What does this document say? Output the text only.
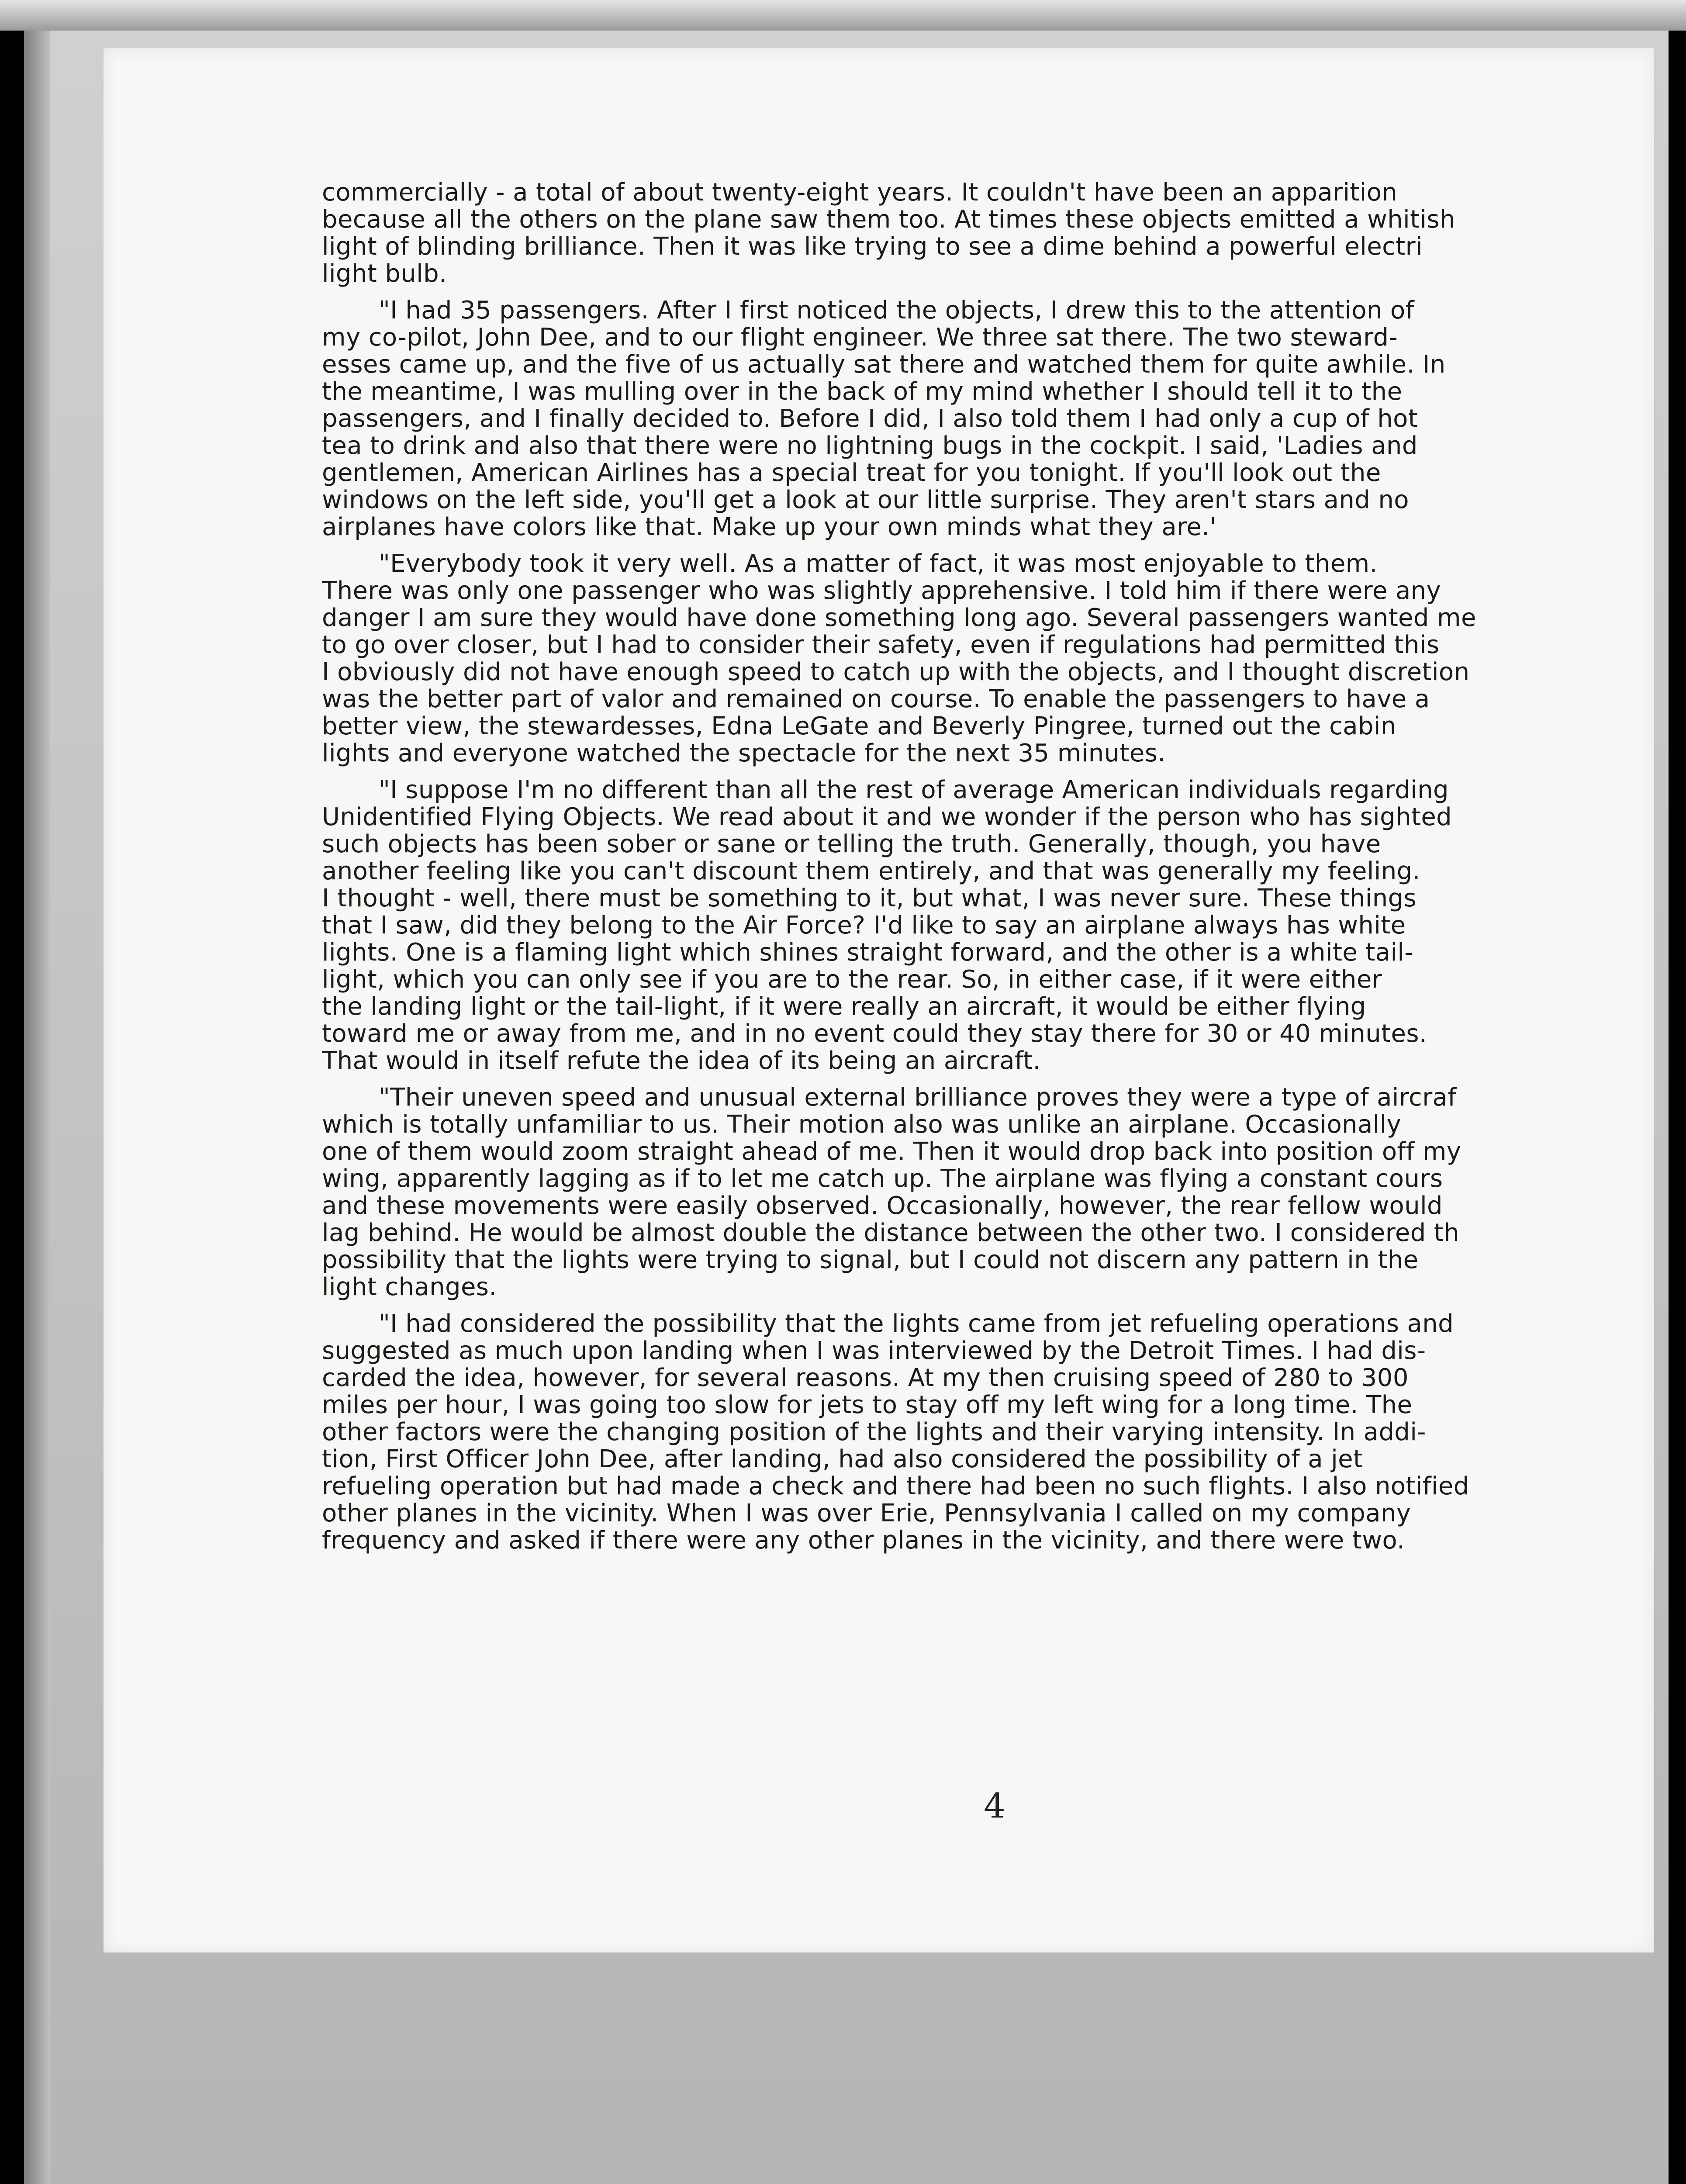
commercially - a total of about twenty-eight years. It couldn't have been an apparition
because all the others on the plane saw them too. At times these objects emitted a whitish
light of blinding brilliance. Then it was like trying to see a dime behind a powerful electri
light bulb.
"I had 35 passengers. After I first noticed the objects, I drew this to the attention of
my co-pilot, John Dee, and to our flight engineer. We three sat there. The two steward-
esses came up, and the five of us actually sat there and watched them for quite awhile. In
the meantime, I was mulling over in the back of my mind whether I should tell it to the
passengers, and I finally decided to. Before I did, I also told them I had only a cup of hot
tea to drink and also that there were no lightning bugs in the cockpit. I said, 'Ladies and
gentlemen, American Airlines has a special treat for you tonight. If you'll look out the
windows on the left side, you'll get a look at our little surprise. They aren't stars and no
airplanes have colors like that. Make up your own minds what they are.'
"Everybody took it very well. As a matter of fact, it was most enjoyable to them.
There was only one passenger who was slightly apprehensive. I told him if there were any
danger I am sure they would have done something long ago. Several passengers wanted me
to go over closer, but I had to consider their safety, even if regulations had permitted this
I obviously did not have enough speed to catch up with the objects, and I thought discretion
was the better part of valor and remained on course. To enable the passengers to have a
better view, the stewardesses, Edna LeGate and Beverly Pingree, turned out the cabin
lights and everyone watched the spectacle for the next 35 minutes.
"I suppose I'm no different than all the rest of average American individuals regarding
Unidentified Flying Objects. We read about it and we wonder if the person who has sighted
such objects has been sober or sane or telling the truth. Generally, though, you have
another feeling like you can't discount them entirely, and that was generally my feeling.
I thought - well, there must be something to it, but what, I was never sure. These things
that I saw, did they belong to the Air Force? I'd like to say an airplane always has white
lights. One is a flaming light which shines straight forward, and the other is a white tail-
light, which you can only see if you are to the rear. So, in either case, if it were either
the landing light or the tail-light, if it were really an aircraft, it would be either flying
toward me or away from me, and in no event could they stay there for 30 or 40 minutes.
That would in itself refute the idea of its being an aircraft.
"Their uneven speed and unusual external brilliance proves they were a type of aircraf
which is totally unfamiliar to us. Their motion also was unlike an airplane. Occasionally
one of them would zoom straight ahead of me. Then it would drop back into position off my
wing, apparently lagging as if to let me catch up. The airplane was flying a constant cours
and these movements were easily observed. Occasionally, however, the rear fellow would
lag behind. He would be almost double the distance between the other two. I considered th
possibility that the lights were trying to signal, but I could not discern any pattern in the
light changes.
"I had considered the possibility that the lights came from jet refueling operations and
suggested as much upon landing when I was interviewed by the Detroit Times. I had dis-
carded the idea, however, for several reasons. At my then cruising speed of 280 to 300
miles per hour, I was going too slow for jets to stay off my left wing for a long time. The
other factors were the changing position of the lights and their varying intensity. In addi-
tion, First Officer John Dee, after landing, had also considered the possibility of a jet
refueling operation but had made a check and there had been no such flights. I also notified
other planes in the vicinity. When I was over Erie, Pennsylvania I called on my company
frequency and asked if there were any other planes in the vicinity, and there were two.
4
